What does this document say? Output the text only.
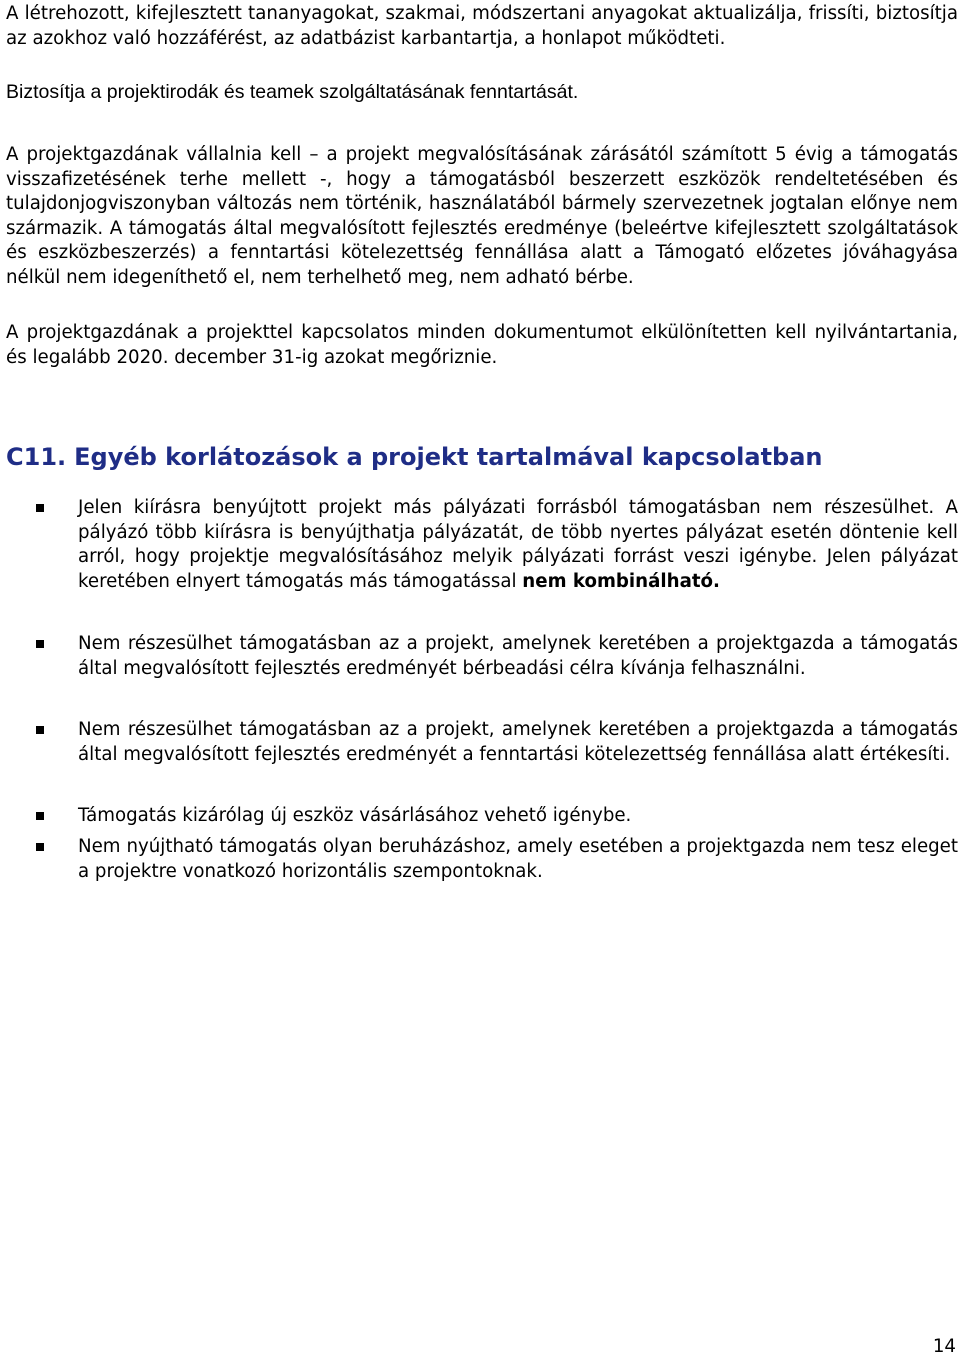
A létrehozott, kifejlesztett tananyagokat, szakmai, módszertani anyagokat aktualizálja, frissíti, biztosítja az azokhoz való hozzáférést, az adatbázist karbantartja, a honlapot működteti.

Biztosítja a projektirodák és teamek szolgáltatásának fenntartását.

A projektgazdának vállalnia kell – a projekt megvalósításának zárásától számított 5 évig a támogatás visszafizetésének terhe mellett -, hogy a támogatásból beszerzett eszközök rendeltetésében és tulajdonjogviszonyban változás nem történik, használatából bármely szervezetnek jogtalan előnye nem származik. A támogatás által megvalósított fejlesztés eredménye (beleértve kifejlesztett szolgáltatások és eszközbeszerzés) a fenntartási kötelezettség fennállása alatt a Támogató előzetes jóváhagyása nélkül nem idegeníthető el, nem terhelhető meg, nem adható bérbe.

A projektgazdának a projekttel kapcsolatos minden dokumentumot elkülönítetten kell nyilvántartania, és legalább 2020. december 31-ig azokat megőriznie.

C11. Egyéb korlátozások a projekt tartalmával kapcsolatban

Jelen kiírásra benyújtott projekt más pályázati forrásból támogatásban nem részesülhet. A pályázó több kiírásra is benyújthatja pályázatát, de több nyertes pályázat esetén döntenie kell arról, hogy projektje megvalósításához melyik pályázati forrást veszi igénybe. Jelen pályázat keretében elnyert támogatás más támogatással nem kombinálható.

Nem részesülhet támogatásban az a projekt, amelynek keretében a projektgazda a támogatás által megvalósított fejlesztés eredményét bérbeadási célra kívánja felhasználni.

Nem részesülhet támogatásban az a projekt, amelynek keretében a projektgazda a támogatás által megvalósított fejlesztés eredményét a fenntartási kötelezettség fennállása alatt értékesíti.

Támogatás kizárólag új eszköz vásárlásához vehető igénybe.

Nem nyújtható támogatás olyan beruházáshoz, amely esetében a projektgazda nem tesz eleget a projektre vonatkozó horizontális szempontoknak.

14
